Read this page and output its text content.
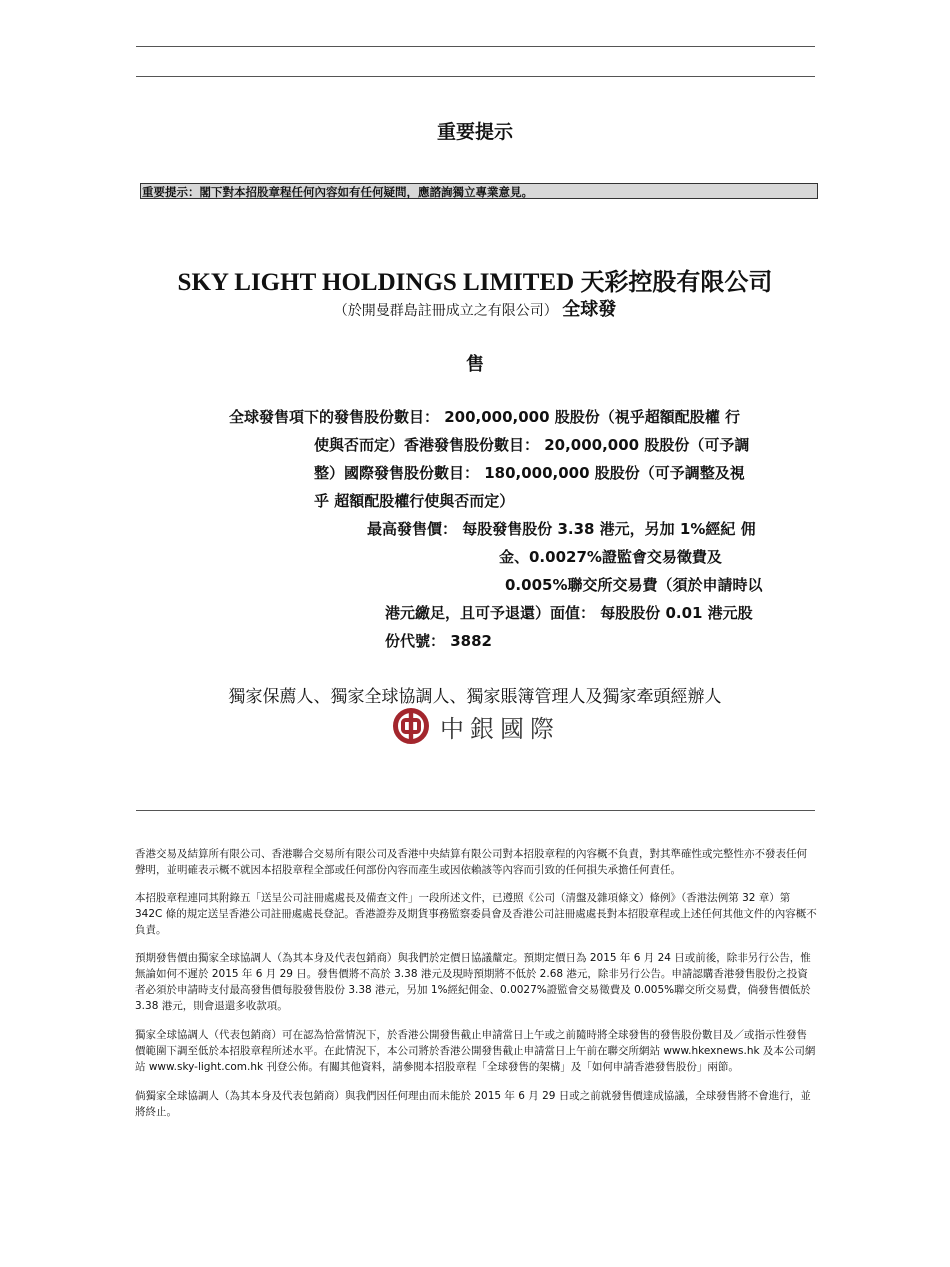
重要提示
重要提示：閣下對本招股章程任何內容如有任何疑問，應諮詢獨立專業意見。
SKY LIGHT HOLDINGS LIMITED 天彩控股有限公司
（於開曼群島註冊成立之有限公司） 全球發
售
全球發售項下的發售股份數目： 200,000,000 股股份（視乎超額配股權 行
使與否而定）香港發售股份數目： 20,000,000 股股份（可予調
整）國際發售股份數目： 180,000,000 股股份（可予調整及視
乎 超額配股權行使與否而定）
最高發售價： 每股發售股份 3.38 港元，另加 1%經紀 佣
金、0.0027%證監會交易徵費及
0.005%聯交所交易費（須於申請時以
港元繳足，且可予退還）面值： 每股股份 0.01 港元股
份代號： 3882
獨家保薦人、獨家全球協調人、獨家賬簿管理人及獨家牽頭經辦人
中銀國際
香港交易及結算所有限公司、香港聯合交易所有限公司及香港中央結算有限公司對本招股章程的內容概不負責，對其準確性或完整性亦不發表任何聲明，並明確表示概不就因本招股章程全部或任何部份內容而產生或因依賴該等內容而引致的任何損失承擔任何責任。
本招股章程連同其附錄五「送呈公司註冊處處長及備查文件」一段所述文件，已遵照《公司（清盤及雜項條文）條例》（香港法例第 32 章）第 342C 條的規定送呈香港公司註冊處處長登記。香港證券及期貨事務監察委員會及香港公司註冊處處長對本招股章程或上述任何其他文件的內容概不負責。
預期發售價由獨家全球協調人（為其本身及代表包銷商）與我們於定價日協議釐定。預期定價日為 2015 年 6 月 24 日或前後，除非另行公告，惟無論如何不遲於 2015 年 6 月 29 日。發售價將不高於 3.38 港元及現時預期將不低於 2.68 港元，除非另行公告。申請認購香港發售股份之投資者必須於申請時支付最高發售價每股發售股份 3.38 港元，另加 1%經紀佣金、0.0027%證監會交易徵費及 0.005%聯交所交易費，倘發售價低於 3.38 港元，則會退還多收款項。
獨家全球協調人（代表包銷商）可在認為恰當情況下，於香港公開發售截止申請當日上午或之前隨時將全球發售的發售股份數目及／或指示性發售價範圍下調至低於本招股章程所述水平。在此情況下，本公司將於香港公開發售截止申請當日上午前在聯交所網站 www.hkexnews.hk 及本公司網站 www.sky-light.com.hk 刊登公佈。有關其他資料，請參閱本招股章程「全球發售的架構」及「如何申請香港發售股份」兩節。
倘獨家全球協調人（為其本身及代表包銷商）與我們因任何理由而未能於 2015 年 6 月 29 日或之前就發售價達成協議，全球發售將不會進行，並將終止。
